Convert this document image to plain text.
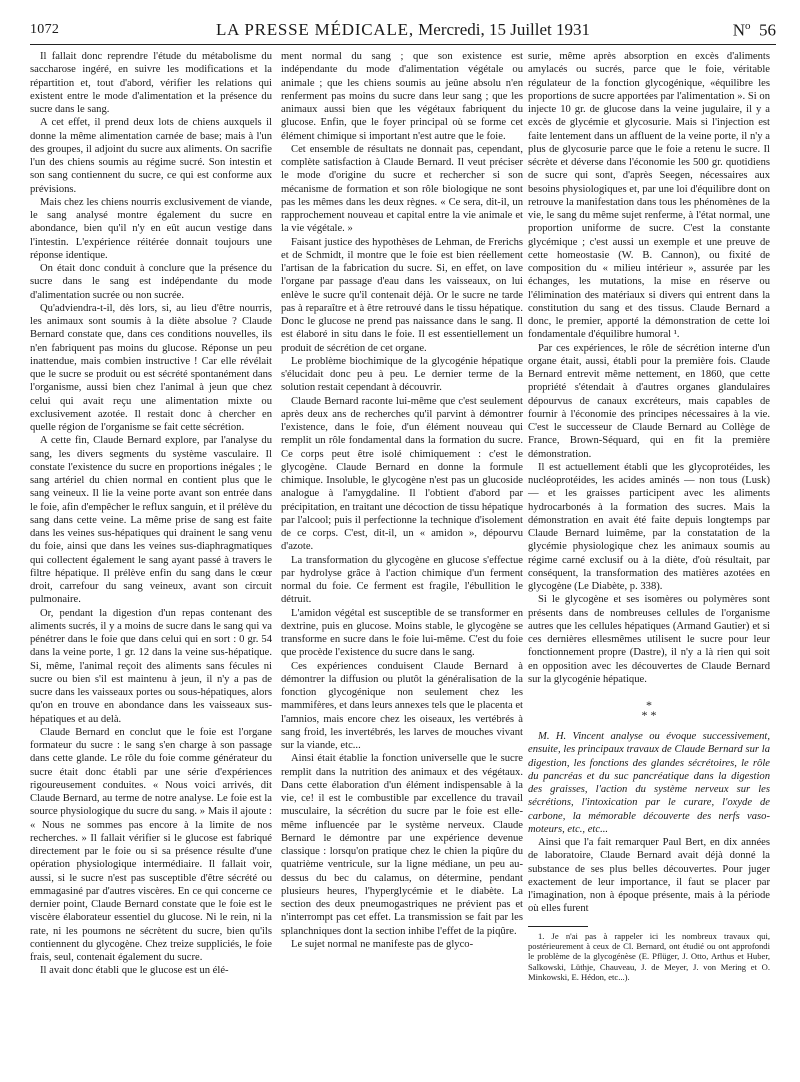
1072	LA PRESSE MÉDICALE, Mercredi, 15 Juillet 1931	$N^o$ 56

Il fallait donc reprendre l'étude du métabolisme du saccharose ingéré, en suivre les modifications et la répartition et, tout d'abord, vérifier les relations qui existent entre le mode d'alimentation et la présence du sucre dans le sang.

A cet effet, il prend deux lots de chiens auxquels il donne la même alimentation carnée de base; mais à l'un des groupes, il adjoint du sucre aux aliments. On sacrifie l'un des chiens soumis au régime sucré. Son intestin et son sang contiennent du sucre, ce qui est conforme aux prévisions.

Mais chez les chiens nourris exclusivement de viande, le sang analysé montre également du sucre en abondance, bien qu'il n'y en eût aucun vestige dans l'intestin. L'expérience réitérée donnait toujours une réponse identique.

On était donc conduit à conclure que la présence du sucre dans le sang est indépendante du mode d'alimentation sucrée ou non sucrée.

Qu'adviendra-t-il, dès lors, si, au lieu d'être nourris, les animaux sont soumis à la diète absolue ? Claude Bernard constate que, dans ces conditions nouvelles, ils n'en fabriquent pas moins du glucose. Réponse un peu inattendue, mais combien instructive ! Car elle révélait que le sucre se produit ou est sécrété spontanément dans l'organisme, aussi bien chez l'animal à jeun que chez celui qui avait reçu une alimentation mixte ou exclusivement azotée. Il restait donc à chercher en quelle région de l'organisme se fait cette sécrétion.

A cette fin, Claude Bernard explore, par l'analyse du sang, les divers segments du système vasculaire. Il constate l'existence du sucre en proportions inégales ; le sang artériel du chien normal en contient plus que le sang veineux. Il lie la veine porte avant son entrée dans le foie, afin d'empêcher le reflux sanguin, et il prélève du sang dans cette veine. La même prise de sang est faite dans les veines sus-hépatiques qui drainent le sang venu du foie, ainsi que dans les veines sus-diaphragmatiques qui collectent également le sang ayant passé à travers le filtre hépatique. Il prélève enfin du sang dans le cœur droit, carrefour du sang veineux, avant son circuit pulmonaire.

Or, pendant la digestion d'un repas contenant des aliments sucrés, il y a moins de sucre dans le sang qui va pénétrer dans le foie que dans celui qui en sort : 0 gr. 54 dans la veine porte, 1 gr. 12 dans la veine sus-hépatique. Si, même, l'animal reçoit des aliments sans fécules ni sucre ou bien s'il est maintenu à jeun, il n'y a pas de sucre dans les vaisseaux portes ou sous-hépatiques, alors qu'on en trouve en abondance dans les vaisseaux sus-hépatiques et au delà.

Claude Bernard en conclut que le foie est l'organe formateur du sucre : le sang s'en charge à son passage dans cette glande. Le rôle du foie comme générateur du sucre était donc établi par une série d'expériences rigoureusement conduites. « Nous voici arrivés, dit Claude Bernard, au terme de notre analyse. Le foie est la source physiologique du sucre du sang. » Mais il ajoute : « Nous ne sommes pas encore à la limite de nos recherches. » Il fallait vérifier si le glucose est fabriqué directement par le foie ou si sa présence résulte d'une opération physiologique intermédiaire. Il fallait voir, aussi, si le sucre n'est pas susceptible d'être sécrété ou emmagasiné par d'autres viscères. En ce qui concerne ce dernier point, Claude Bernard constate que le foie est le viscère élaborateur essentiel du glucose. Ni le rein, ni la rate, ni les poumons ne sécrètent du sucre, bien qu'ils contiennent du glycogène. Chez treize suppliciés, le foie frais, seul, contenait également du sucre.

Il avait donc établi que le glucose est un élé-

ment normal du sang ; que son existence est indépendante du mode d'alimentation végétale ou animale ; que les chiens soumis au jeûne absolu n'en renferment pas moins du sucre dans leur sang ; que les animaux aussi bien que les végétaux fabriquent du glucose. Enfin, que le foyer principal où se forme cet élément chimique si important n'est autre que le foie.

Cet ensemble de résultats ne donnait pas, cependant, complète satisfaction à Claude Bernard. Il veut préciser le mode d'origine du sucre et rechercher si son mécanisme de formation et son rôle biologique ne sont pas les mêmes dans les deux règnes. « Ce sera, dit-il, un rapprochement nouveau et capital entre la vie animale et la vie végétale. »

Faisant justice des hypothèses de Lehman, de Frerichs et de Schmidt, il montre que le foie est bien réellement l'artisan de la fabrication du sucre. Si, en effet, on lave l'organe par passage d'eau dans les vaisseaux, on lui enlève le sucre qu'il contenait déjà. Or le sucre ne tarde pas à reparaître et à être retrouvé dans le tissu hépatique. Donc le glucose ne prend pas naissance dans le sang. Il est élaboré in situ dans le foie. Il est essentiellement un produit de sécrétion de cet organe.

Le problème biochimique de la glycogénie hépatique s'élucidait donc peu à peu. Le dernier terme de la solution restait cependant à découvrir.

Claude Bernard raconte lui-même que c'est seulement après deux ans de recherches qu'il parvint à démontrer l'existence, dans le foie, d'un élément nouveau qui remplit un rôle fondamental dans la formation du sucre. Ce corps peut être isolé chimiquement : c'est le glycogène. Claude Bernard en donne la formule chimique. Insoluble, le glycogène n'est pas un glucoside analogue à l'amygdaline. Il l'obtient d'abord par précipitation, en traitant une décoction de tissu hépatique par l'alcool; puis il perfectionne la technique d'isolement de ce corps. C'est, dit-il, un « amidon », dépourvu d'azote.

La transformation du glycogène en glucose s'effectue par hydrolyse grâce à l'action chimique d'un ferment normal du foie. Ce ferment est fragile, l'ébullition le détruit.

L'amidon végétal est susceptible de se transformer en dextrine, puis en glucose. Moins stable, le glycogène se transforme en sucre dans le foie lui-même. C'est du foie que procède l'existence du sucre dans le sang.

Ces expériences conduisent Claude Bernard à démontrer la diffusion ou plutôt la généralisation de la fonction glycogénique non seulement chez les mammifères, et dans leurs annexes tels que le placenta et l'amnios, mais encore chez les oiseaux, les vertébrés à sang froid, les invertébrés, les larves de mouches vivant sur la viande, etc...

Ainsi était établie la fonction universelle que le sucre remplit dans la nutrition des animaux et des végétaux. Dans cette élaboration d'un élément indispensable à la vie, ce! il est le combustible par excellence du travail musculaire, la sécrétion du sucre par le foie est elle-même influencée par le système nerveux. Claude Bernard le démontre par une expérience devenue classique : lorsqu'on pratique chez le chien la piqûre du quatrième ventricule, sur la ligne médiane, un peu au-dessus du bec du calamus, on détermine, pendant plusieurs heures, l'hyperglycémie et le diabète. La section des deux pneumogastriques ne prévient pas et n'interrompt pas cet effet. La transmission se fait par les splanchniques dont la section inhibe l'effet de la piqûre.

Le sujet normal ne manifeste pas de glyco-

surie, même après absorption en excès d'aliments amylacés ou sucrés, parce que le foie, véritable régulateur de la fonction glycogénique, «équilibre les proportions de sucre apportées par l'alimentation ». Si on injecte 10 gr. de glucose dans la veine jugulaire, il y a excès de glycémie et glycosurie. Mais si l'injection est faite lentement dans un affluent de la veine porte, il n'y a plus de glycosurie parce que le foie a retenu le sucre. Il sécrète et déverse dans l'économie les 500 gr. quotidiens de sucre qui sont, d'après Seegen, nécessaires aux besoins physiologiques et, par une loi d'équilibre dont on retrouve la manifestation dans tous les phénomènes de la vie, le sang du même sujet renferme, à l'état normal, une proportion uniforme de sucre. C'est la constante glycémique ; c'est aussi un exemple et une preuve de cette homeostasie (W. B. Cannon), ou fixité de composition du « milieu intérieur », assurée par les échanges, les mutations, la mise en réserve ou l'élimination des matériaux si divers qui entrent dans la constitution du sang et des tissus. Claude Bernard a donc, le premier, apporté la démonstration de cette loi fondamentale d'équilibre humoral ¹.

Par ces expériences, le rôle de sécrétion interne d'un organe était, aussi, établi pour la première fois. Claude Bernard entrevit même nettement, en 1860, que cette propriété s'étendait à d'autres organes glandulaires dépourvus de canaux excréteurs, mais capables de fournir à l'économie des principes nécessaires à la vie. C'est le successeur de Claude Bernard au Collège de France, Brown-Séquard, qui en fit la première démonstration.

Il est actuellement établi que les glycoprotéides, les nucléoprotéides, les acides aminés — non tous (Lusk) — et les graisses participent avec les aliments hydrocarbonés à la formation des sucres. Mais la démonstration en avait été faite depuis longtemps par Claude Bernard luimême, par la constatation de la glycémie physiologique chez les animaux soumis au régime carné exclusif ou à la diète, d'où résultait, par conséquent, la transformation des matières azotées en glycogène (Le Diabète, p. 338).

Si le glycogène et ses isomères ou polymères sont présents dans de nombreuses cellules de l'organisme autres que les cellules hépatiques (Armand Gautier) et si ces dernières ellesmêmes utilisent le sucre pour leur fonctionnement propre (Dastre), il n'y a là rien qui soit en opposition avec les découvertes de Claude Bernard sur la glycogénie hépatique.

*
* *

M. H. Vincent analyse ou évoque successivement, ensuite, les principaux travaux de Claude Bernard sur la digestion, les fonctions des glandes sécrétoires, le rôle du pancréas et du suc pancréatique dans la digestion des graisses, l'action du système nerveux sur les sécrétions, l'intoxication par le curare, l'oxyde de carbone, la mémorable découverte des nerfs vaso-moteurs, etc., etc...

Ainsi que l'a fait remarquer Paul Bert, en dix années de laboratoire, Claude Bernard avait déjà donné la substance de ses plus belles découvertes. Pour juger exactement de leur importance, il faut se placer par l'imagination, non à époque présente, mais à la période où elles furent

1. Je n'ai pas à rappeler ici les nombreux travaux qui, postérieurement à ceux de Cl. Bernard, ont étudié ou ont approfondi le problème de la glycogénèse (E. Pflüger, J. Otto, Arthus et Huber, Salkowski, Lüthje, Chauveau, J. de Meyer, J. von Mering et O. Minkowski, E. Hédon, etc...).
